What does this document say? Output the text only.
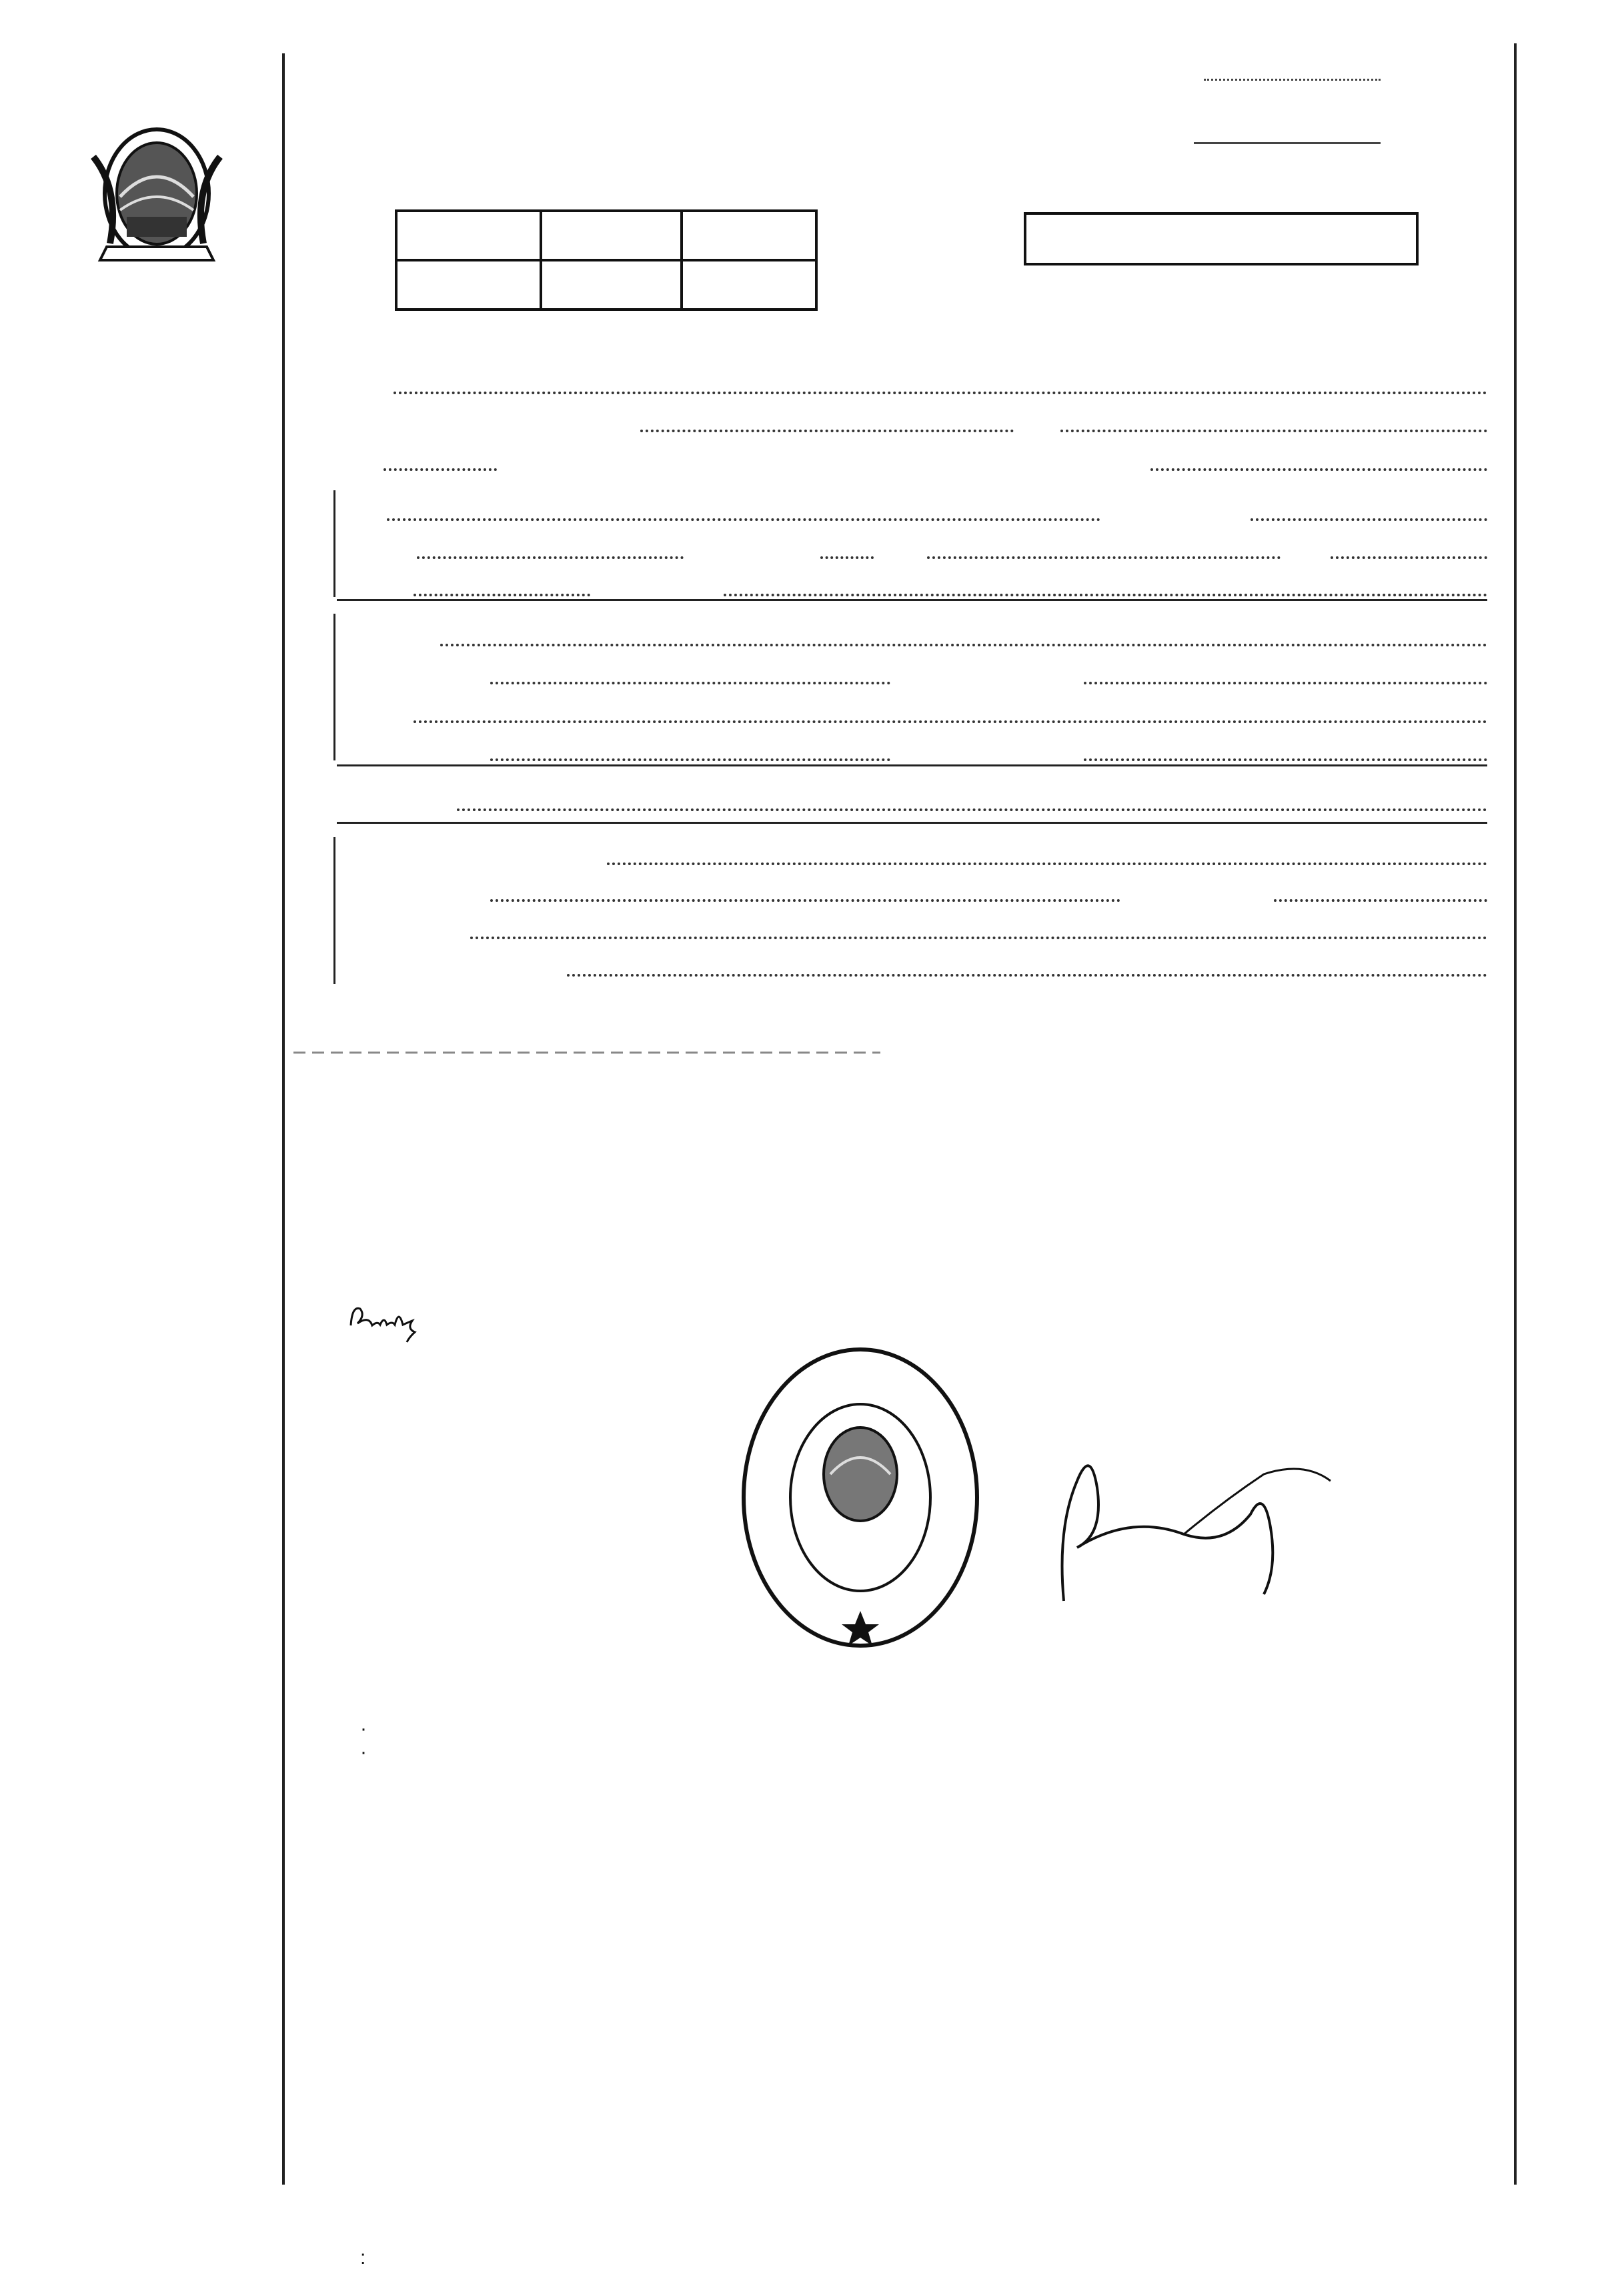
·
·
:
